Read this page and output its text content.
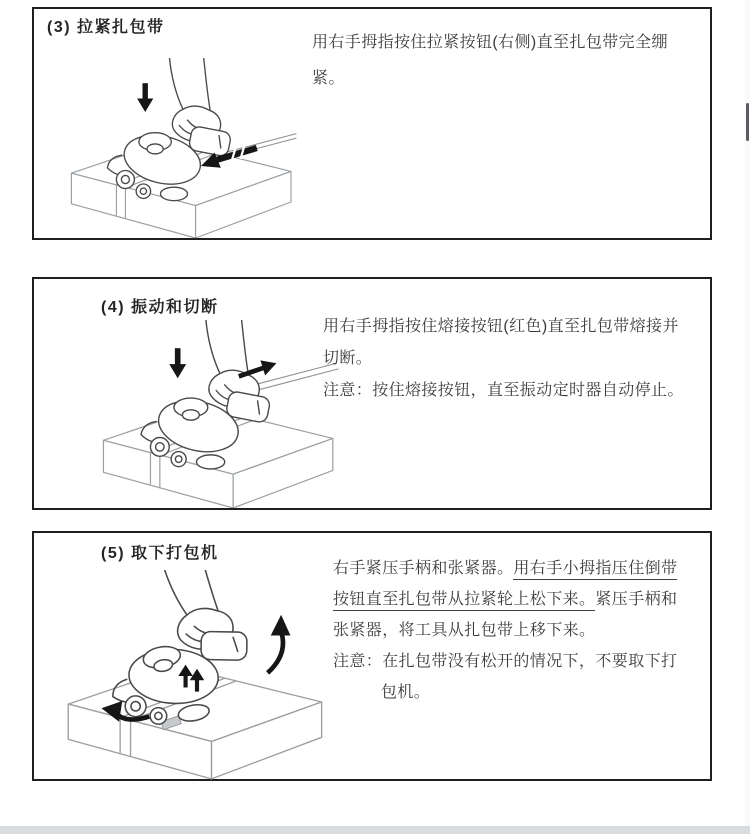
(3) 拉紧扎包带
用右手拇指按住拉紧按钮(右侧)直至扎包带完全绷
紧。
(4) 振动和切断
用右手拇指按住熔接按钮(红色)直至扎包带熔接并
切断。
注意：按住熔接按钮，直至振动定时器自动停止。
(5) 取下打包机
右手紧压手柄和张紧器。用右手小拇指压住倒带
按钮直至扎包带从拉紧轮上松下来。紧压手柄和
张紧器，将工具从扎包带上移下来。
注意：在扎包带没有松开的情况下，不要取下打
包机。
